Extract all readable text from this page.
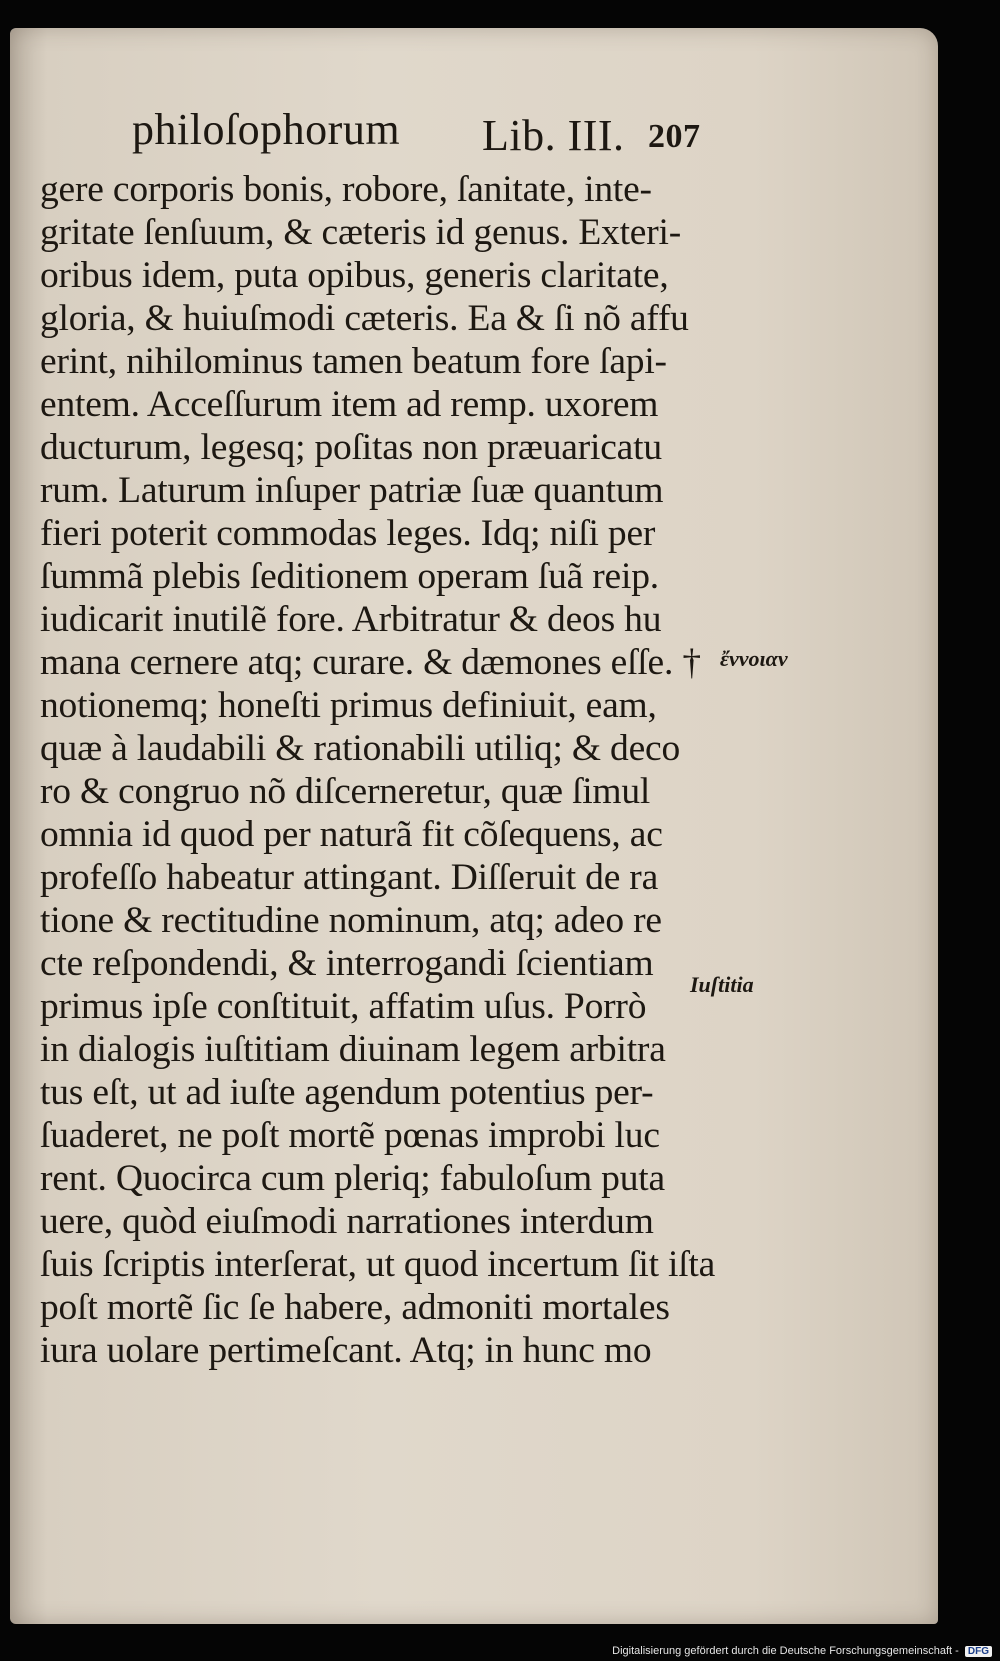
philoſophorum Lib. III. 207
gere corporis bonis, robore, ſanitate, inte-
gritate ſenſuum, & cæteris id genus. Exteri-
oribus idem, puta opibus, generis claritate,
gloria, & huiuſmodi cæteris. Ea & ſi nõ affu
erint, nihilominus tamen beatum fore ſapi-
entem. Acceſſurum item ad remp. uxorem
ducturum, legesq; poſitas non præuaricatu
rum. Laturum inſuper patriæ ſuæ quantum
fieri poterit commodas leges. Idq; niſi per
ſummã plebis ſeditionem operam ſuã reip.
iudicarit inutilẽ fore. Arbitratur & deos hu
mana cernere atq; curare. & dæmones eſſe. †
notionemq; honeſti primus definiuit, eam,
quæ à laudabili & rationabili utiliq; & deco
ro & congruo nõ diſcerneretur, quæ ſimul
omnia id quod per naturã fit cõſequens, ac
profeſſo habeatur attingant. Diſſeruit de ra
tione & rectitudine nominum, atq; adeo re
cte reſpondendi, & interrogandi ſcientiam
primus ipſe conſtituit, affatim uſus. Porrò
in dialogis iuſtitiam diuinam legem arbitra
tus eſt, ut ad iuſte agendum potentius per-
ſuaderet, ne poſt mortẽ pœnas improbi luc
rent. Quocirca cum pleriq; fabuloſum puta
uere, quòd eiuſmodi narrationes interdum
ſuis ſcriptis interſerat, ut quod incertum ſit iſta
poſt mortẽ ſic ſe habere, admoniti mortales
iura uolare pertimeſcant. Atq; in hunc mo
ἔννοιαν
Iuſtitia
Digitalisierung gefördert durch die Deutsche Forschungsgemeinschaft - DFG
